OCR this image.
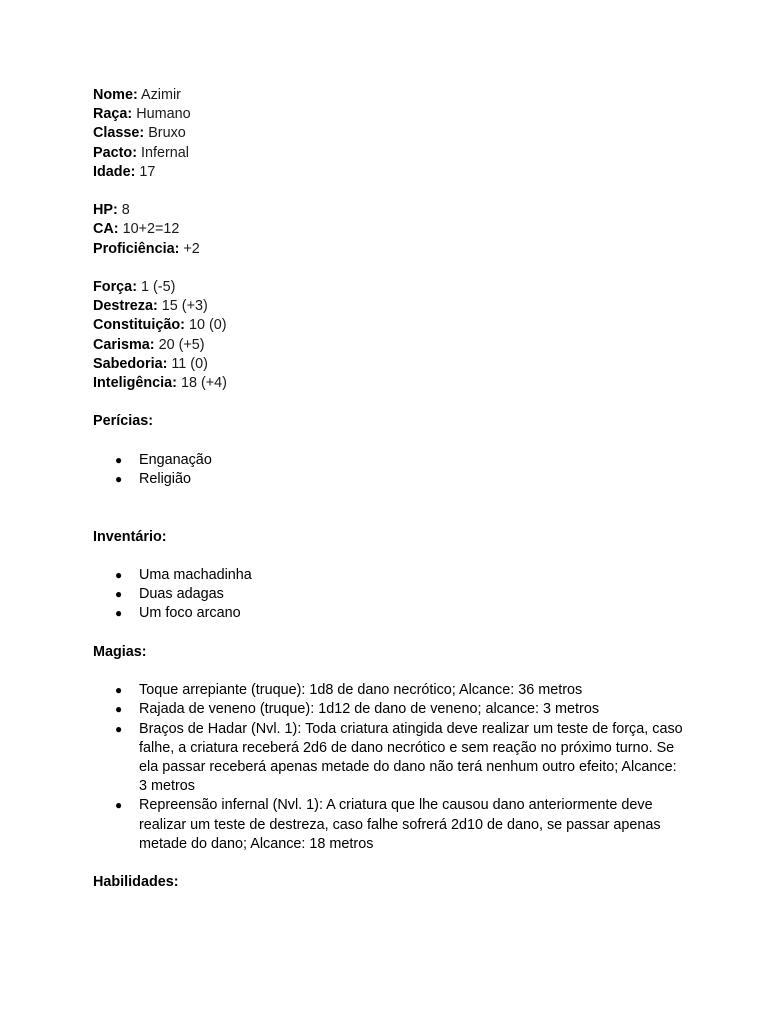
Nome: Azimir

Raça: Humano

Classe: Bruxo

Pacto: Infernal

Idade: 17

HP: 8

CA: 10+2=12

Proficiência: +2

Força: 1 (-5)

Destreza: 15 (+3)

Constituição: 10 (0)

Carisma: 20 (+5)

Sabedoria: 11 (0)

Inteligência: 18 (+4)

Perícias:

● Enganação
● Religião

Inventário:

● Uma machadinha
● Duas adagas
● Um foco arcano

Magias:

● Toque arrepiante (truque): 1d8 de dano necrótico; Alcance: 36 metros
● Rajada de veneno (truque): 1d12 de dano de veneno; alcance: 3 metros
● Braços de Hadar (Nvl. 1): Toda criatura atingida deve realizar um teste de força, caso falhe, a criatura receberá 2d6 de dano necrótico e sem reação no próximo turno. Se ela passar receberá apenas metade do dano não terá nenhum outro efeito; Alcance: 3 metros
● Repreensão infernal (Nvl. 1): A criatura que lhe causou dano anteriormente deve realizar um teste de destreza, caso falhe sofrerá 2d10 de dano, se passar apenas metade do dano; Alcance: 18 metros

Habilidades:
